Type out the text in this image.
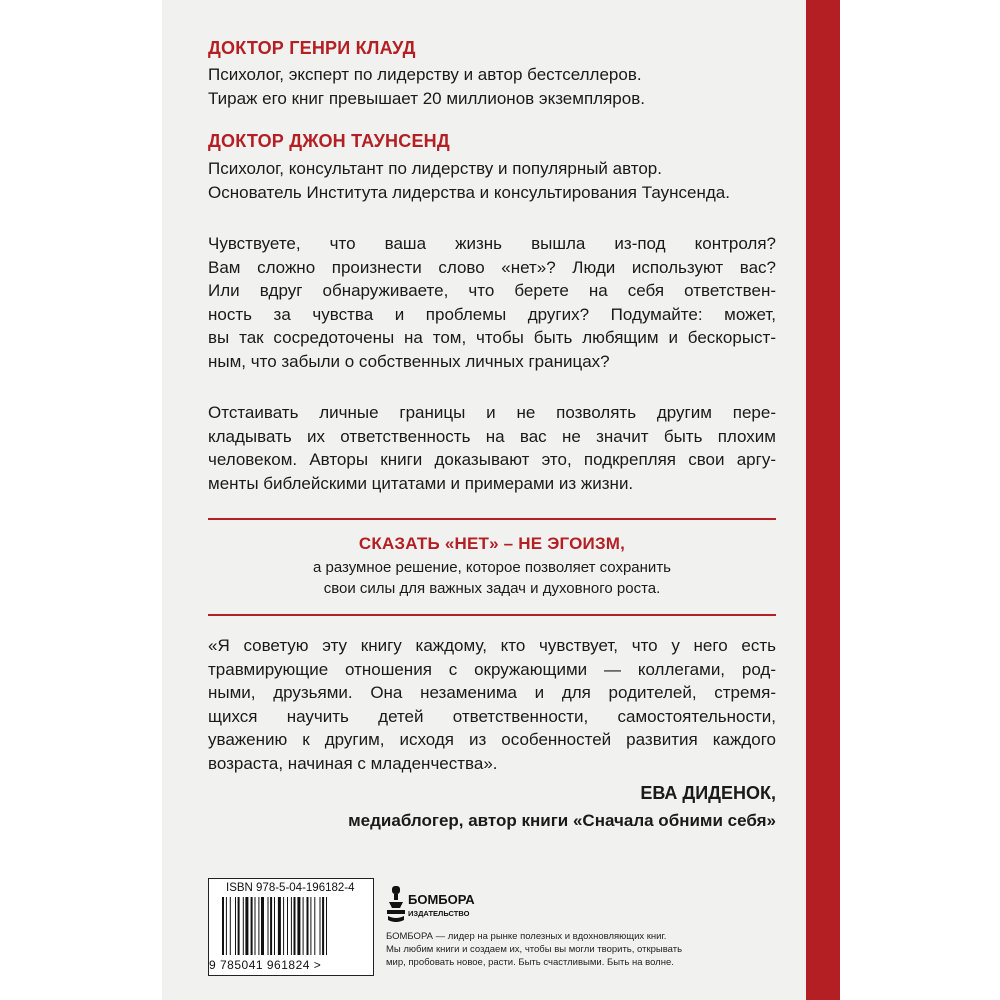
ДОКТОР ГЕНРИ КЛАУД
Психолог, эксперт по лидерству и автор бестселлеров.
Тираж его книг превышает 20 миллионов экземпляров.
ДОКТОР ДЖОН ТАУНСЕНД
Психолог, консультант по лидерству и популярный автор.
Основатель Института лидерства и консультирования Таунсенда.

Чувствуете, что ваша жизнь вышла из-под контроля?

Вам сложно произнести слово «нет»? Люди используют вас?

Или вдруг обнаруживаете, что берете на себя ответствен-

ность за чувства и проблемы других? Подумайте: может,

вы так сосредоточены на том, чтобы быть любящим и бескорыст-

ным, что забыли о собственных личных границах?

Отстаивать личные границы и не позволять другим пере-

кладывать их ответственность на вас не значит быть плохим

человеком. Авторы книги доказывают это, подкрепляя свои аргу-

менты библейскими цитатами и примерами из жизни.

СКАЗАТЬ «НЕТ» – НЕ ЭГОИЗМ,
а разумное решение, которое позволяет сохранить
свои силы для важных задач и духовного роста.

«Я советую эту книгу каждому, кто чувствует, что у него есть

травмирующие отношения с окружающими — коллегами, род-

ными, друзьями. Она незаменима и для родителей, стремя-

щихся научить детей ответственности, самостоятельности,

уважению к другим, исходя из особенностей развития каждого

возраста, начиная с младенчества».

ЕВА ДИДЕНОК,
медиаблогер, автор книги «Сначала обними себя»
ISBN 978-5-04-196182-4
9 785041 961824 >
БОМБОРА
ИЗДАТЕЛЬСТВО
БОМБОРА — лидер на рынке полезных и вдохновляющих книг.
Мы любим книги и создаем их, чтобы вы могли творить, открывать
мир, пробовать новое, расти. Быть счастливыми. Быть на волне.
